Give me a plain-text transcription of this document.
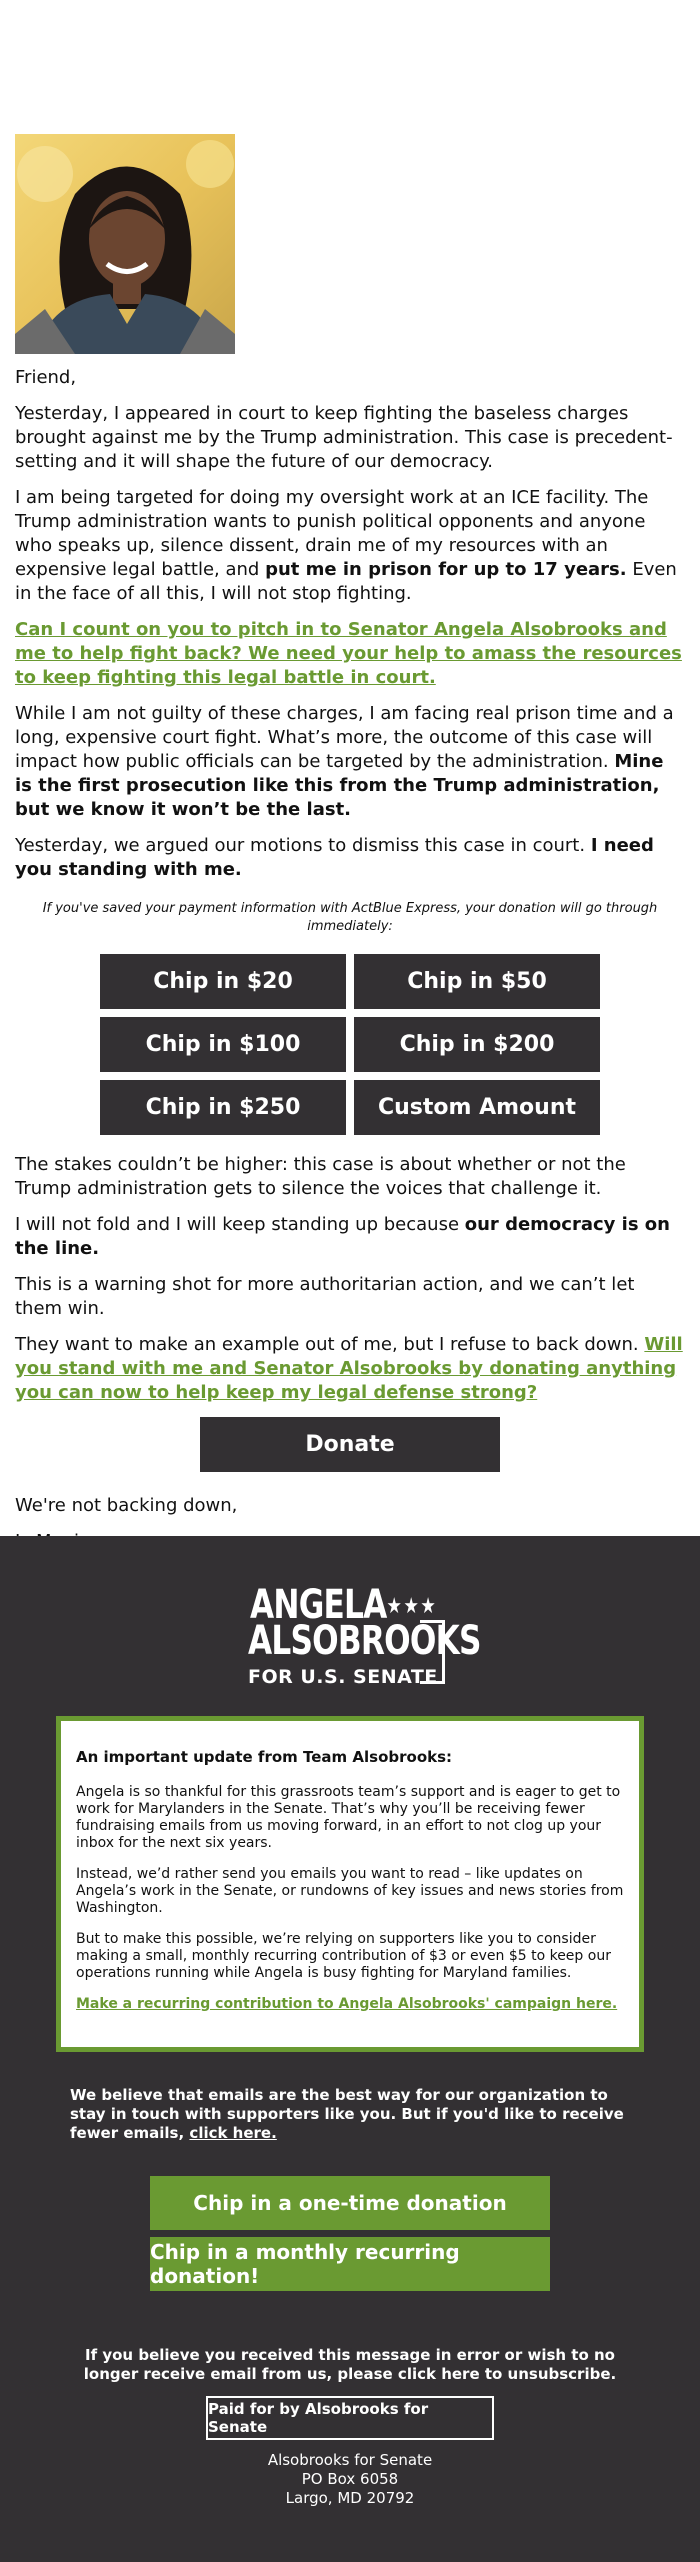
Friend,

Yesterday, I appeared in court to keep fighting the baseless charges brought against me by the Trump administration. This case is precedent-setting and it will shape the future of our democracy.

I am being targeted for doing my oversight work at an ICE facility. The Trump administration wants to punish political opponents and anyone who speaks up, silence dissent, drain me of my resources with an expensive legal battle, and put me in prison for up to 17 years. Even in the face of all this, I will not stop fighting.

Can I count on you to pitch in to Senator Angela Alsobrooks and me to help fight back? We need your help to amass the resources to keep fighting this legal battle in court.

While I am not guilty of these charges, I am facing real prison time and a long, expensive court fight. What’s more, the outcome of this case will impact how public officials can be targeted by the administration. Mine is the first prosecution like this from the Trump administration, but we know it won’t be the last.

Yesterday, we argued our motions to dismiss this case in court. I need you standing with me.

If you've saved your payment information with ActBlue Express, your donation will go through immediately:

Chip in $20	Chip in $50
Chip in $100	Chip in $200
Chip in $250	Custom Amount

The stakes couldn’t be higher: this case is about whether or not the Trump administration gets to silence the voices that challenge it.

I will not fold and I will keep standing up because our democracy is on the line.

This is a warning shot for more authoritarian action, and we can’t let them win.

They want to make an example out of me, but I refuse to back down. Will you stand with me and Senator Alsobrooks by donating anything you can now to help keep my legal defense strong?

Donate

We're not backing down,

ANGELA★★★
ALSOBROOKS
FOR U.S. SENATE

An important update from Team Alsobrooks:

Angela is so thankful for this grassroots team’s support and is eager to get to work for Marylanders in the Senate. That’s why you’ll be receiving fewer fundraising emails from us moving forward, in an effort to not clog up your inbox for the next six years.

Instead, we’d rather send you emails you want to read – like updates on Angela’s work in the Senate, or rundowns of key issues and news stories from Washington.

But to make this possible, we’re relying on supporters like you to consider making a small, monthly recurring contribution of $3 or even $5 to keep our operations running while Angela is busy fighting for Maryland families.

Make a recurring contribution to Angela Alsobrooks' campaign here.

We believe that emails are the best way for our organization to stay in touch with supporters like you. But if you'd like to receive fewer emails, click here.
Chip in a one-time donation
Chip in a monthly recurring donation!
If you believe you received this message in error or wish to no longer receive email from us, please click here to unsubscribe.
Paid for by Alsobrooks for Senate
Alsobrooks for Senate
PO Box 6058
Largo, MD 20792
